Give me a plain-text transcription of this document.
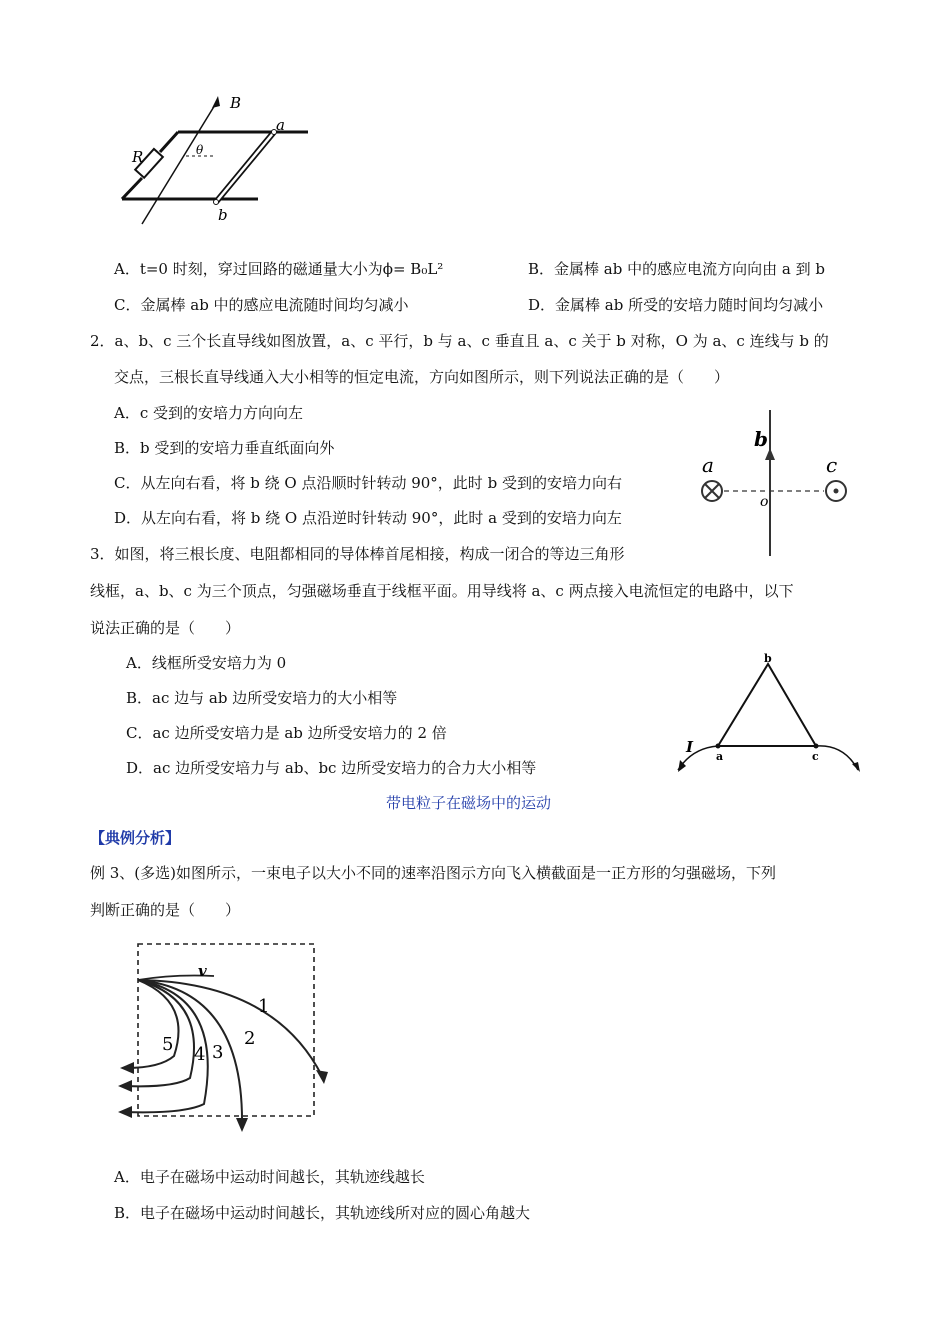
B
R
a
b
θ
A．t=0 时刻，穿过回路的磁通量大小为ϕ= B₀L²	B．金属棒 ab 中的感应电流方向向由 a 到 b
C．金属棒 ab 中的感应电流随时间均匀减小	D．金属棒 ab 所受的安培力随时间均匀减小
2．a、b、c 三个长直导线如图放置，a、c 平行，b 与 a、c 垂直且 a、c 关于 b 对称，O 为 a、c 连线与 b 的
交点，三根长直导线通入大小相等的恒定电流，方向如图所示，则下列说法正确的是（　　）
A．c 受到的安培力方向向左
B．b 受到的安培力垂直纸面向外
C．从左向右看，将 b 绕 O 点沿顺时针转动 90°，此时 b 受到的安培力向右
D．从左向右看，将 b 绕 O 点沿逆时针转动 90°，此时 a 受到的安培力向左
a
b
c
o
3．如图，将三根长度、电阻都相同的导体棒首尾相接，构成一闭合的等边三角形
线框，a、b、c 为三个顶点，匀强磁场垂直于线框平面。用导线将 a、c 两点接入电流恒定的电路中，以下
说法正确的是（　　）
A．线框所受安培力为 0
B．ac 边与 ab 边所受安培力的大小相等
C．ac 边所受安培力是 ab 边所受安培力的 2 倍
D．ac 边所受安培力与 ab、bc 边所受安培力的合力大小相等
b
a	c
I
带电粒子在磁场中的运动
【典例分析】
例 3、(多选)如图所示，一束电子以大小不同的速率沿图示方向飞入横截面是一正方形的匀强磁场，下列
判断正确的是（　　）
v
1
2
3
4
5
A．电子在磁场中运动时间越长，其轨迹线越长
B．电子在磁场中运动时间越长，其轨迹线所对应的圆心角越大
